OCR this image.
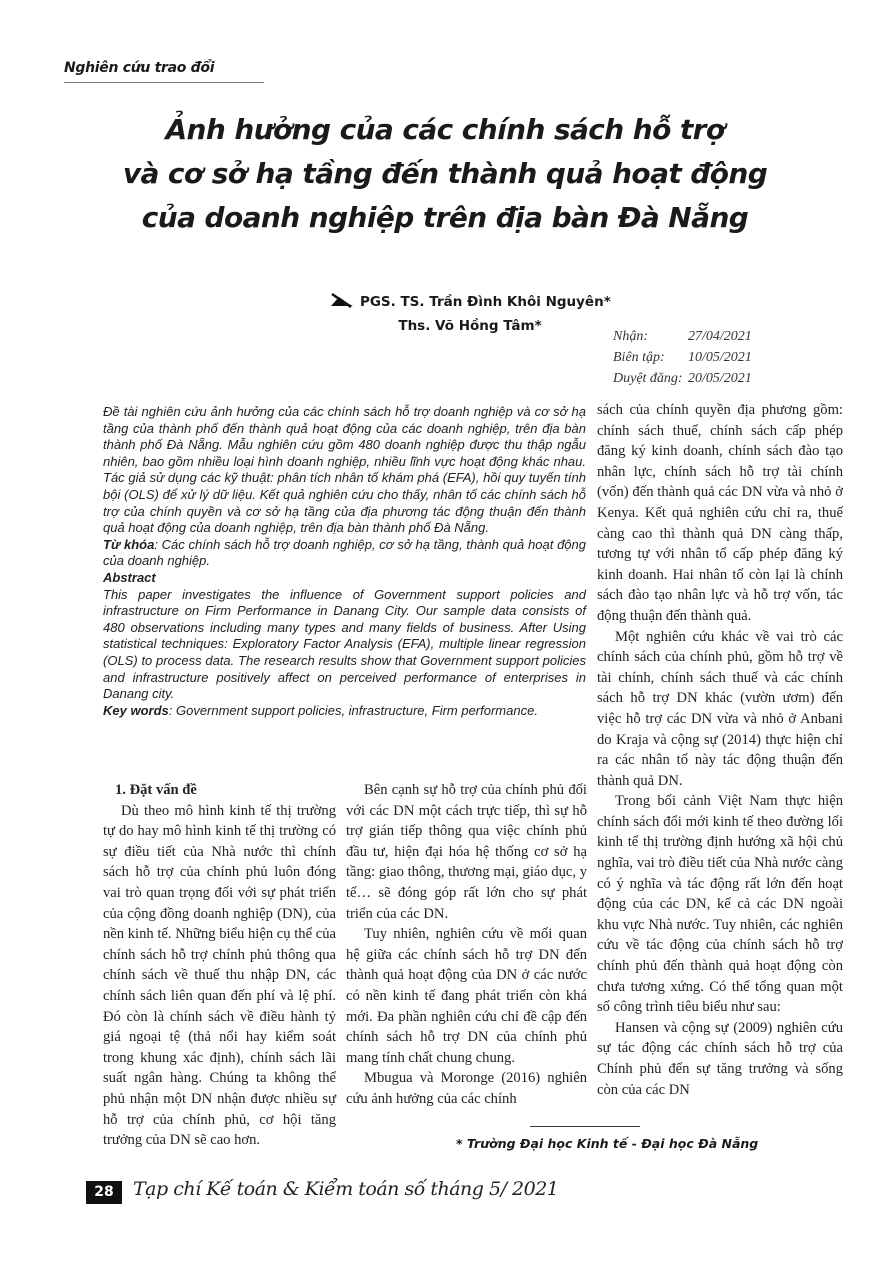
Nghiên cứu trao đổi
Ảnh hưởng của các chính sách hỗ trợ
và cơ sở hạ tầng đến thành quả hoạt động
của doanh nghiệp trên địa bàn Đà Nẵng
PGS. TS. Trần Đình Khôi Nguyên*
Ths. Võ Hồng Tâm*
Nhận:	27/04/2021
Biên tập:	10/05/2021
Duyệt đăng: 20/05/2021

Đề tài nghiên cứu ảnh hưởng của các chính sách hỗ trợ doanh nghiệp và cơ sở hạ tầng của thành phố đến thành quả hoạt động của các doanh nghiệp, trên địa bàn thành phố Đà Nẵng. Mẫu nghiên cứu gồm 480 doanh nghiệp được thu thập ngẫu nhiên, bao gồm nhiều loại hình doanh nghiệp, nhiều lĩnh vực hoạt động khác nhau. Tác giả sử dụng các kỹ thuật: phân tích nhân tố khám phá (EFA), hồi quy tuyến tính bội (OLS) để xử lý dữ liệu. Kết quả nghiên cứu cho thấy, nhân tố các chính sách hỗ trợ của chính quyền và cơ sở hạ tầng của địa phương tác động thuận đến thành quả hoạt động của doanh nghiệp, trên địa bàn thành phố Đà Nẵng.

Từ khóa: Các chính sách hỗ trợ doanh nghiệp, cơ sở hạ tầng, thành quả hoạt động của doanh nghiệp.

Abstract

This paper investigates the influence of Government support policies and infrastructure on Firm Performance in Danang City. Our sample data consists of 480 observations including many types and many fields of business. After Using statistical techniques: Exploratory Factor Analysis (EFA), multiple linear regression (OLS) to process data. The research results show that Government support policies and infrastructure positively affect on perceived performance of enterprises in Danang city.

Key words: Government support policies, infrastructure, Firm performance.

1. Đặt vấn đề

Dù theo mô hình kinh tế thị trường tự do hay mô hình kinh tế thị trường có sự điều tiết của Nhà nước thì chính sách hỗ trợ của chính phủ luôn đóng vai trò quan trọng đối với sự phát triển của cộng đồng doanh nghiệp (DN), của nền kinh tế. Những biểu hiện cụ thể của chính sách hỗ trợ chính phủ thông qua chính sách về thuế thu nhập DN, các chính sách liên quan đến phí và lệ phí. Đó còn là chính sách về điều hành tỷ giá ngoại tệ (thả nổi hay kiểm soát trong khung xác định), chính sách lãi suất ngân hàng. Chúng ta không thể phủ nhận một DN nhận được nhiều sự hỗ trợ của chính phủ, cơ hội tăng trưởng của DN sẽ cao hơn.

Bên cạnh sự hỗ trợ của chính phủ đối với các DN một cách trực tiếp, thì sự hỗ trợ gián tiếp thông qua việc chính phủ đầu tư, hiện đại hóa hệ thống cơ sở hạ tầng: giao thông, thương mại, giáo dục, y tế… sẽ đóng góp rất lớn cho sự phát triển của các DN.

Tuy nhiên, nghiên cứu về mối quan hệ giữa các chính sách hỗ trợ DN đến thành quả hoạt động của DN ở các nước có nền kinh tế đang phát triển còn khá mới. Đa phần nghiên cứu chỉ đề cập đến chính sách hỗ trợ DN của chính phủ mang tính chất chung chung.

Mbugua và Moronge (2016) nghiên cứu ảnh hưởng của các chính

sách của chính quyền địa phương gồm: chính sách thuế, chính sách cấp phép đăng ký kinh doanh, chính sách đào tạo nhân lực, chính sách hỗ trợ tài chính (vốn) đến thành quả các DN vừa và nhỏ ở Kenya. Kết quả nghiên cứu chỉ ra, thuế càng cao thì thành quả DN càng thấp, tương tự với nhân tố cấp phép đăng ký kinh doanh. Hai nhân tố còn lại là chính sách đào tạo nhân lực và hỗ trợ vốn, tác động thuận đến thành quả.

Một nghiên cứu khác về vai trò các chính sách của chính phủ, gồm hỗ trợ về tài chính, chính sách thuế và các chính sách hỗ trợ DN khác (vườn ươm) đến việc hỗ trợ các DN vừa và nhỏ ở Anbani do Kraja và cộng sự (2014) thực hiện chỉ ra các nhân tố này tác động thuận đến thành quả DN.

Trong bối cảnh Việt Nam thực hiện chính sách đổi mới kinh tế theo đường lối kinh tế thị trường định hướng xã hội chủ nghĩa, vai trò điều tiết của Nhà nước càng có ý nghĩa và tác động rất lớn đến hoạt động của các DN, kể cả các DN ngoài khu vực Nhà nước. Tuy nhiên, các nghiên cứu về tác động của chính sách hỗ trợ chính phủ đến thành quả hoạt động còn chưa tương xứng. Có thể tổng quan một số công trình tiêu biểu như sau:

Hansen và cộng sự (2009) nghiên cứu sự tác động các chính sách hỗ trợ của Chính phủ đến sự tăng trưởng và sống còn của các DN

* Trường Đại học Kinh tế - Đại học Đà Nẵng
28	Tạp chí Kế toán & Kiểm toán số tháng 5/ 2021
